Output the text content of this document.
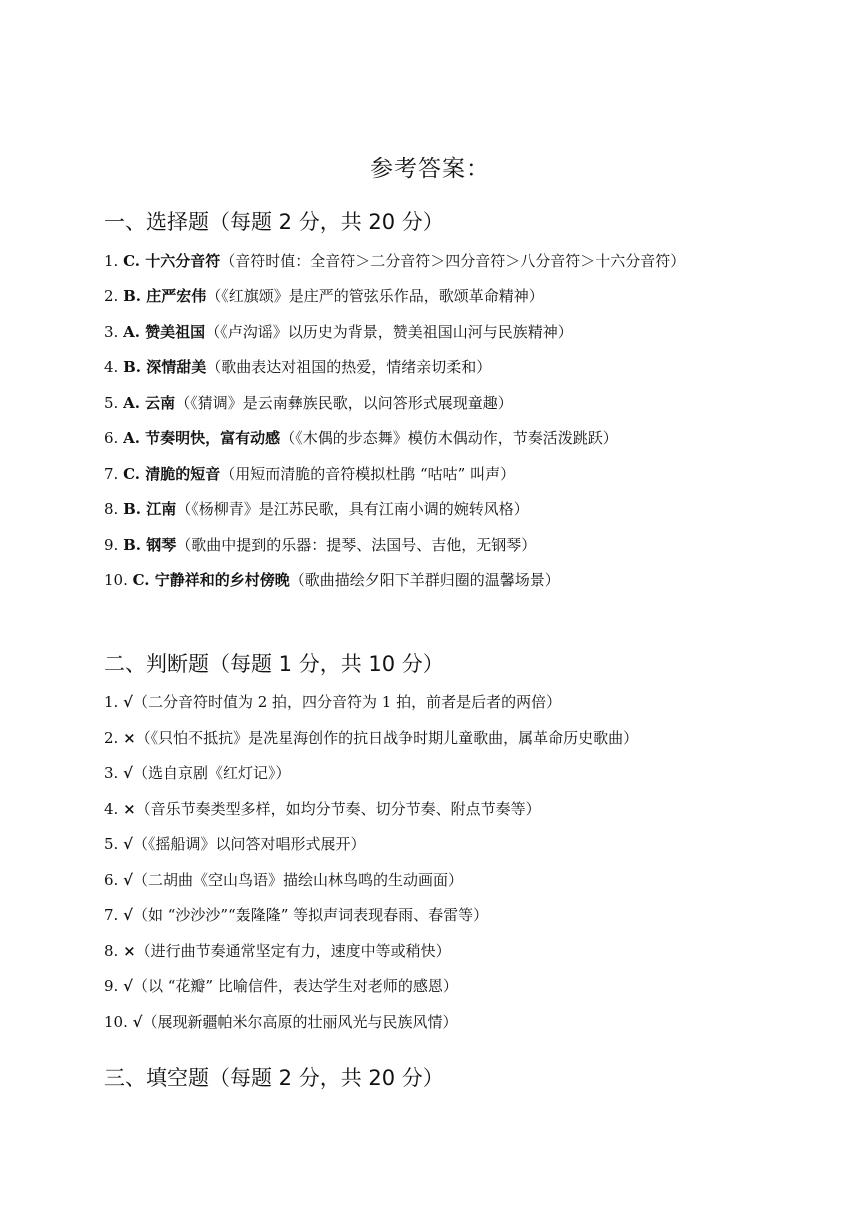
参考答案：
一、选择题（每题 2 分，共 20 分）
1. C. 十六分音符（音符时值：全音符＞二分音符＞四分音符＞八分音符＞十六分音符）
2. B. 庄严宏伟（《红旗颂》是庄严的管弦乐作品，歌颂革命精神）
3. A. 赞美祖国（《卢沟谣》以历史为背景，赞美祖国山河与民族精神）
4. B. 深情甜美（歌曲表达对祖国的热爱，情绪亲切柔和）
5. A. 云南（《猜调》是云南彝族民歌，以问答形式展现童趣）
6. A. 节奏明快，富有动感（《木偶的步态舞》模仿木偶动作，节奏活泼跳跃）
7. C. 清脆的短音（用短而清脆的音符模拟杜鹃 “咕咕” 叫声）
8. B. 江南（《杨柳青》是江苏民歌，具有江南小调的婉转风格）
9. B. 钢琴（歌曲中提到的乐器：提琴、法国号、吉他，无钢琴）
10. C. 宁静祥和的乡村傍晚（歌曲描绘夕阳下羊群归圈的温馨场景）
二、判断题（每题 1 分，共 10 分）
1. √（二分音符时值为 2 拍，四分音符为 1 拍，前者是后者的两倍）
2. ×（《只怕不抵抗》是冼星海创作的抗日战争时期儿童歌曲，属革命历史歌曲）
3. √（选自京剧《红灯记》）
4. ×（音乐节奏类型多样，如均分节奏、切分节奏、附点节奏等）
5. √（《摇船调》以问答对唱形式展开）
6. √（二胡曲《空山鸟语》描绘山林鸟鸣的生动画面）
7. √（如 “沙沙沙”“轰隆隆” 等拟声词表现春雨、春雷等）
8. ×（进行曲节奏通常坚定有力，速度中等或稍快）
9. √（以 “花瓣” 比喻信件，表达学生对老师的感恩）
10. √（展现新疆帕米尔高原的壮丽风光与民族风情）
三、填空题（每题 2 分，共 20 分）
